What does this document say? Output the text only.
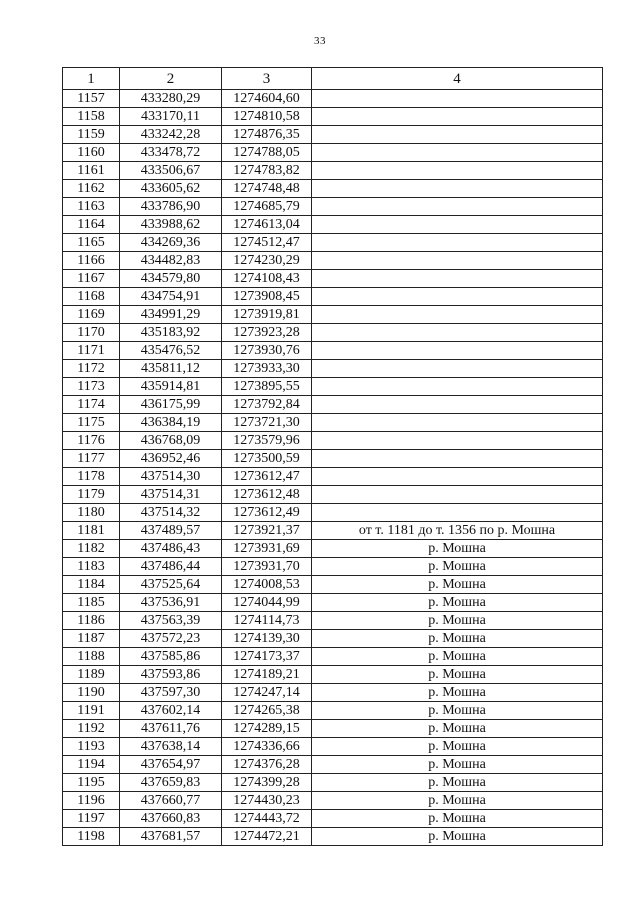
33
1	2	3	4
1157	433280,29	1274604,60	
1158	433170,11	1274810,58	
1159	433242,28	1274876,35	
1160	433478,72	1274788,05	
1161	433506,67	1274783,82	
1162	433605,62	1274748,48	
1163	433786,90	1274685,79	
1164	433988,62	1274613,04	
1165	434269,36	1274512,47	
1166	434482,83	1274230,29	
1167	434579,80	1274108,43	
1168	434754,91	1273908,45	
1169	434991,29	1273919,81	
1170	435183,92	1273923,28	
1171	435476,52	1273930,76	
1172	435811,12	1273933,30	
1173	435914,81	1273895,55	
1174	436175,99	1273792,84	
1175	436384,19	1273721,30	
1176	436768,09	1273579,96	
1177	436952,46	1273500,59	
1178	437514,30	1273612,47	
1179	437514,31	1273612,48	
1180	437514,32	1273612,49	
1181	437489,57	1273921,37	от т. 1181 до т. 1356 по р. Мошна
1182	437486,43	1273931,69	р. Мошна
1183	437486,44	1273931,70	р. Мошна
1184	437525,64	1274008,53	р. Мошна
1185	437536,91	1274044,99	р. Мошна
1186	437563,39	1274114,73	р. Мошна
1187	437572,23	1274139,30	р. Мошна
1188	437585,86	1274173,37	р. Мошна
1189	437593,86	1274189,21	р. Мошна
1190	437597,30	1274247,14	р. Мошна
1191	437602,14	1274265,38	р. Мошна
1192	437611,76	1274289,15	р. Мошна
1193	437638,14	1274336,66	р. Мошна
1194	437654,97	1274376,28	р. Мошна
1195	437659,83	1274399,28	р. Мошна
1196	437660,77	1274430,23	р. Мошна
1197	437660,83	1274443,72	р. Мошна
1198	437681,57	1274472,21	р. Мошна
